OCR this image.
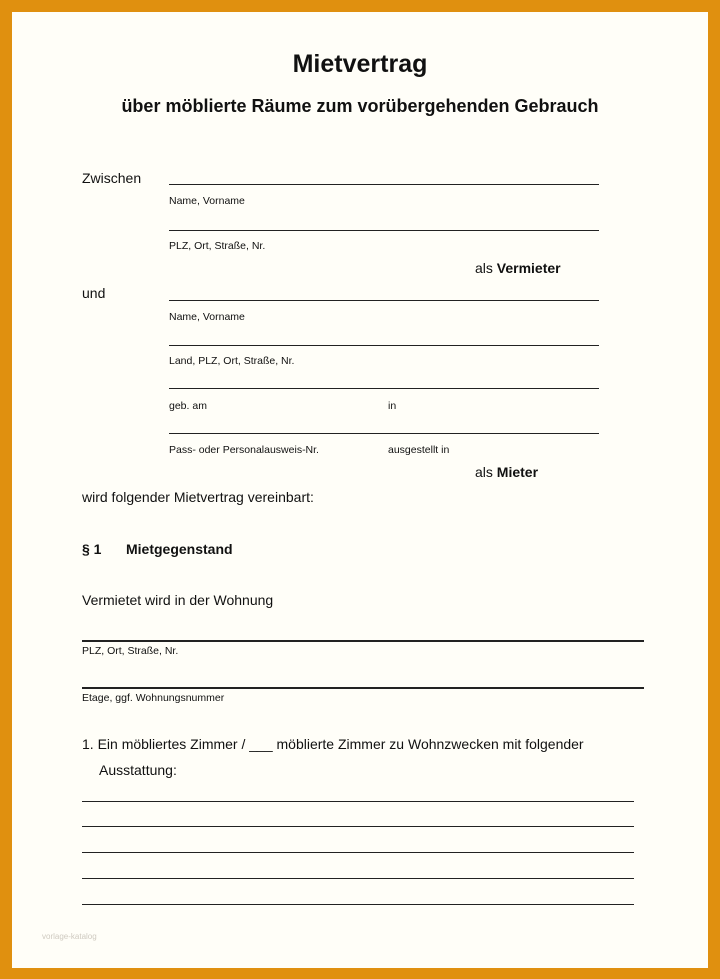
Mietvertrag
über möblierte Räume zum vorübergehenden Gebrauch
Zwischen
Name, Vorname
PLZ, Ort, Straße, Nr.
als Vermieter
und
Name, Vorname
Land, PLZ, Ort, Straße, Nr.
geb. am	in
Pass- oder Personalausweis-Nr.	ausgestellt in
als Mieter
wird folgender Mietvertrag vereinbart:
§ 1 Mietgegenstand
Vermietet wird in der Wohnung
PLZ, Ort, Straße, Nr.
Etage, ggf. Wohnungsnummer
1. Ein möbliertes Zimmer / ___ möblierte Zimmer zu Wohnzwecken mit folgender
Ausstattung:
vorlage-katalog
